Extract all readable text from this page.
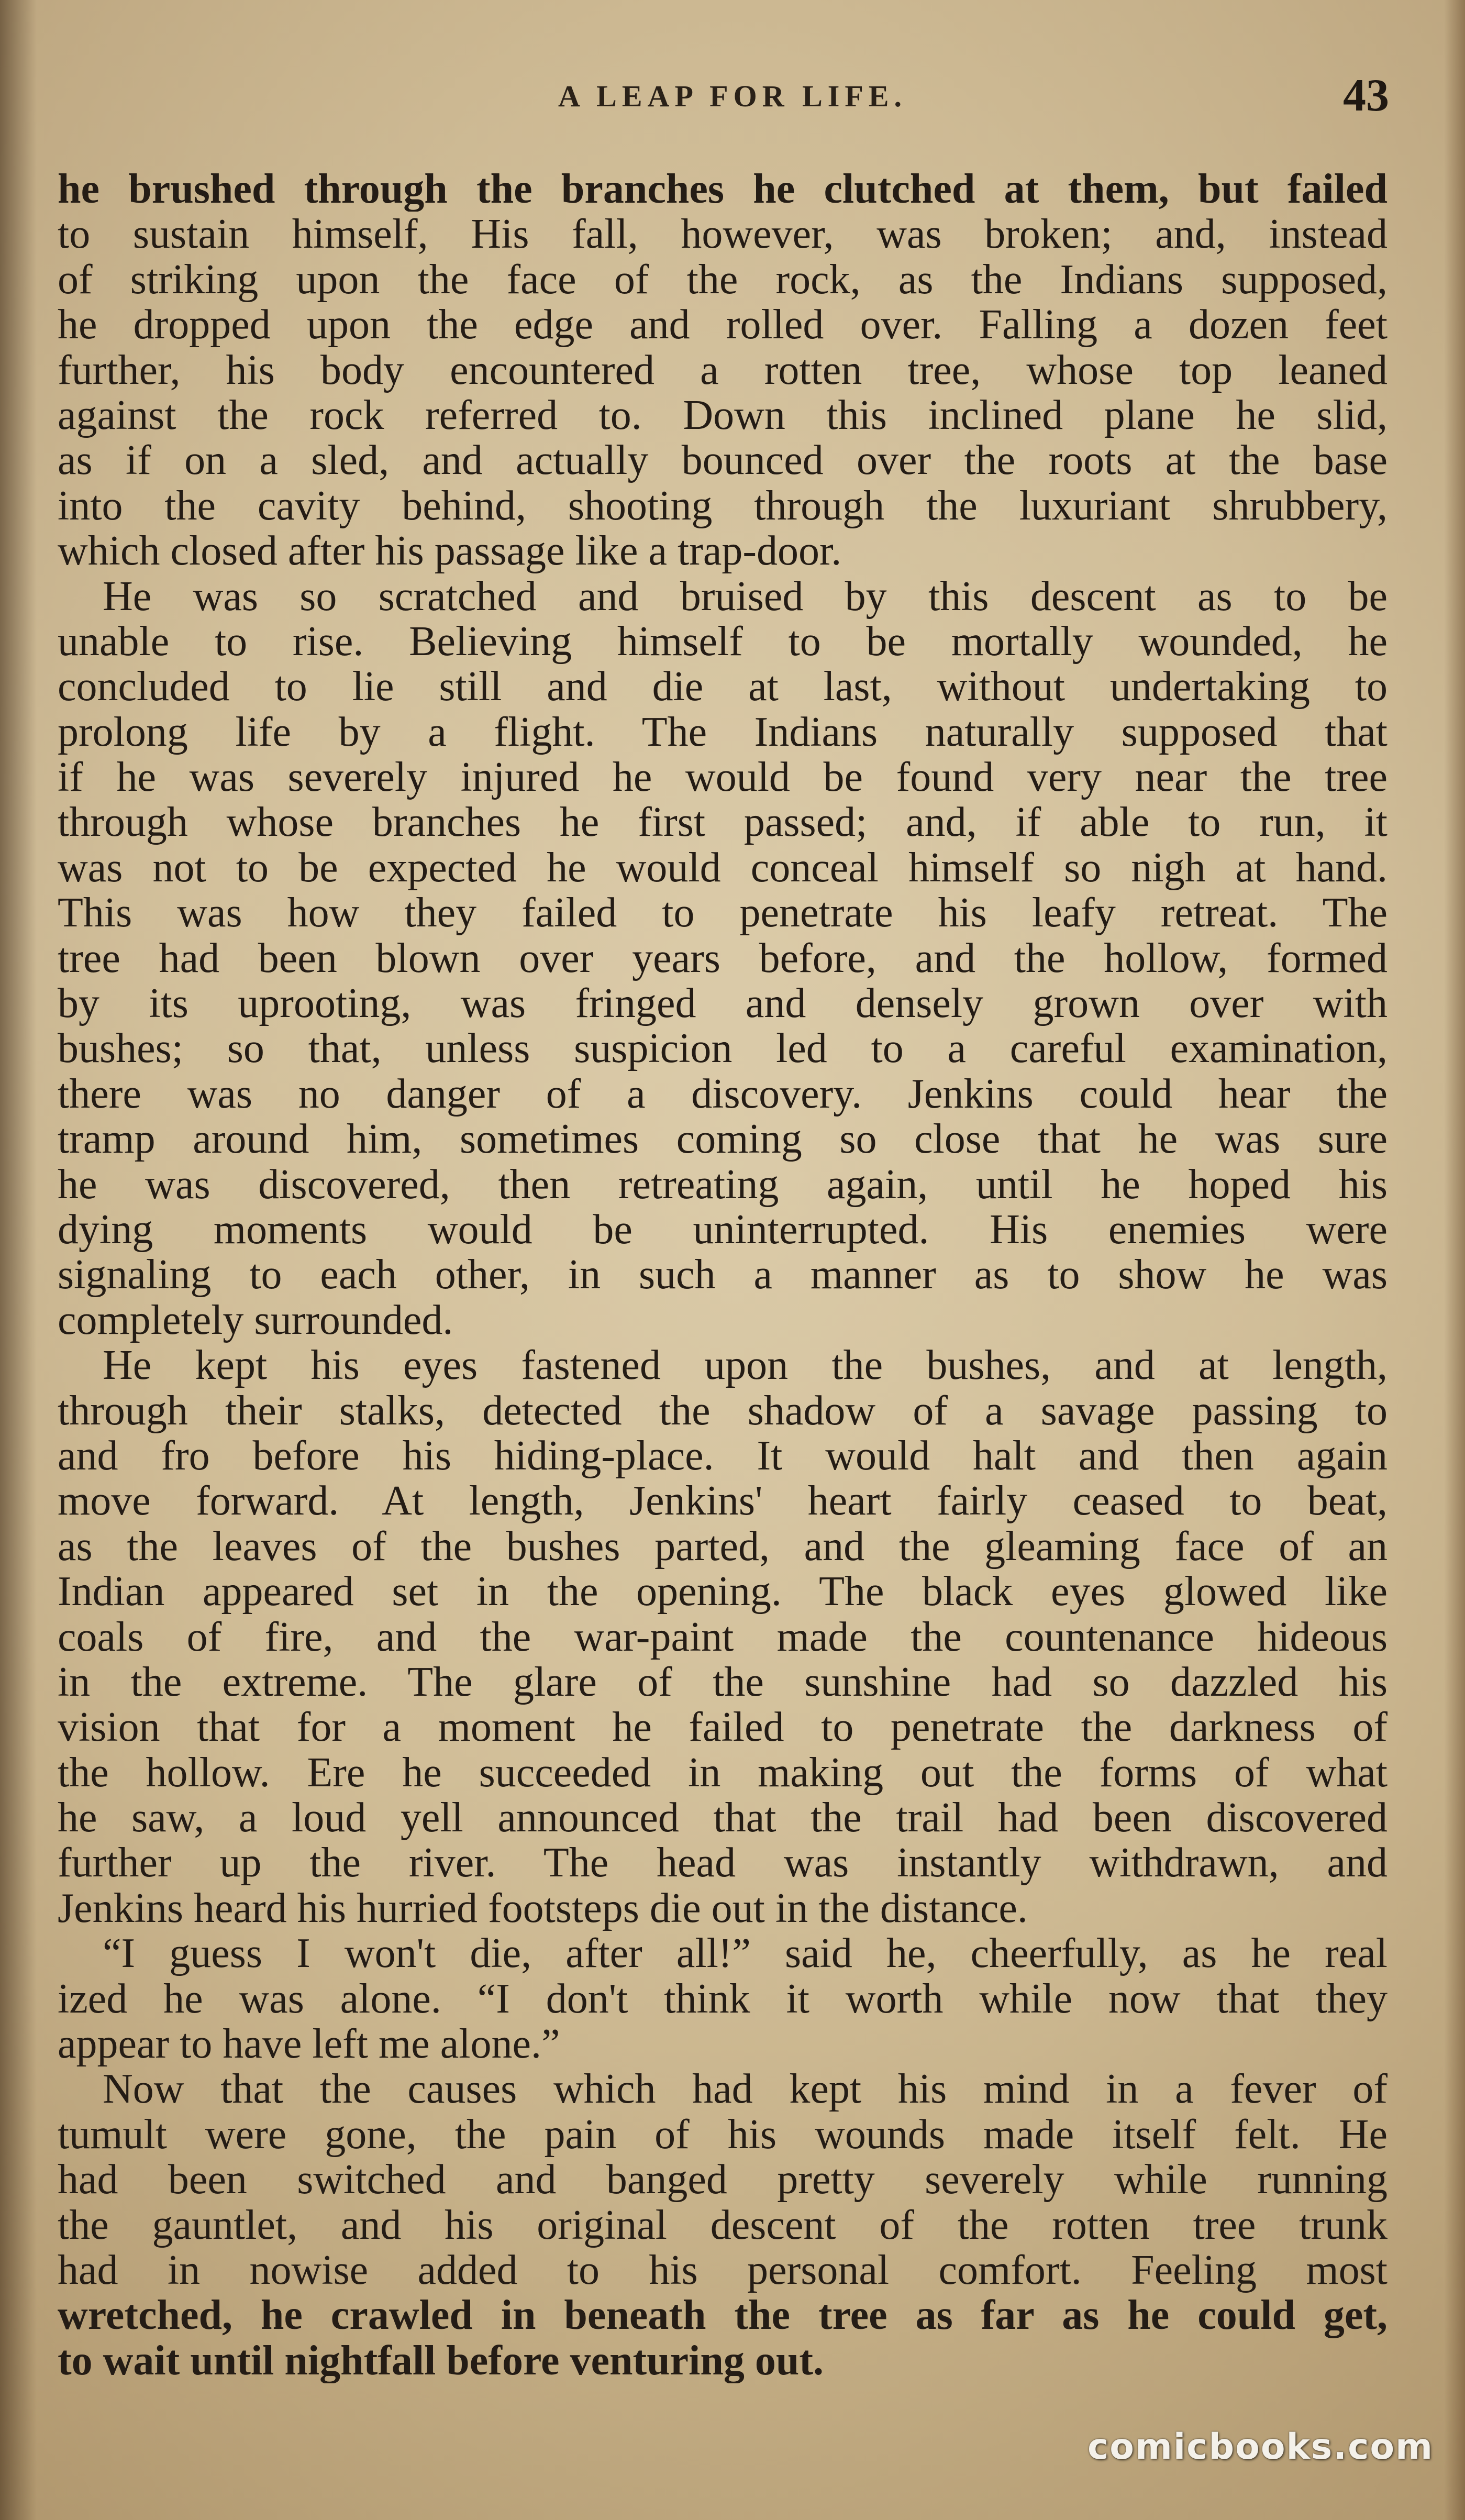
A LEAP FOR LIFE.	43
he brushed through the branches he clutched at them, but failed
to sustain himself, His fall, however, was broken; and, instead
of striking upon the face of the rock, as the Indians supposed,
he dropped upon the edge and rolled over. Falling a dozen feet
further, his body encountered a rotten tree, whose top leaned
against the rock referred to. Down this inclined plane he slid,
as if on a sled, and actually bounced over the roots at the base
into the cavity behind, shooting through the luxuriant shrubbery,
which closed after his passage like a trap-door.
He was so scratched and bruised by this descent as to be
unable to rise. Believing himself to be mortally wounded, he
concluded to lie still and die at last, without undertaking to
prolong life by a flight. The Indians naturally supposed that
if he was severely injured he would be found very near the tree
through whose branches he first passed; and, if able to run, it
was not to be expected he would conceal himself so nigh at hand.
This was how they failed to penetrate his leafy retreat. The
tree had been blown over years before, and the hollow, formed
by its uprooting, was fringed and densely grown over with
bushes; so that, unless suspicion led to a careful examination,
there was no danger of a discovery. Jenkins could hear the
tramp around him, sometimes coming so close that he was sure
he was discovered, then retreating again, until he hoped his
dying moments would be uninterrupted. His enemies were
signaling to each other, in such a manner as to show he was
completely surrounded.
He kept his eyes fastened upon the bushes, and at length,
through their stalks, detected the shadow of a savage passing to
and fro before his hiding-place. It would halt and then again
move forward. At length, Jenkins' heart fairly ceased to beat,
as the leaves of the bushes parted, and the gleaming face of an
Indian appeared set in the opening. The black eyes glowed like
coals of fire, and the war-paint made the countenance hideous
in the extreme. The glare of the sunshine had so dazzled his
vision that for a moment he failed to penetrate the darkness of
the hollow. Ere he succeeded in making out the forms of what
he saw, a loud yell announced that the trail had been discovered
further up the river. The head was instantly withdrawn, and
Jenkins heard his hurried footsteps die out in the distance.
“I guess I won't die, after all!” said he, cheerfully, as he real
ized he was alone. “I don't think it worth while now that they
appear to have left me alone.”
Now that the causes which had kept his mind in a fever of
tumult were gone, the pain of his wounds made itself felt. He
had been switched and banged pretty severely while running
the gauntlet, and his original descent of the rotten tree trunk
had in nowise added to his personal comfort. Feeling most
wretched, he crawled in beneath the tree as far as he could get,
to wait until nightfall before venturing out.
comicbooks.com
